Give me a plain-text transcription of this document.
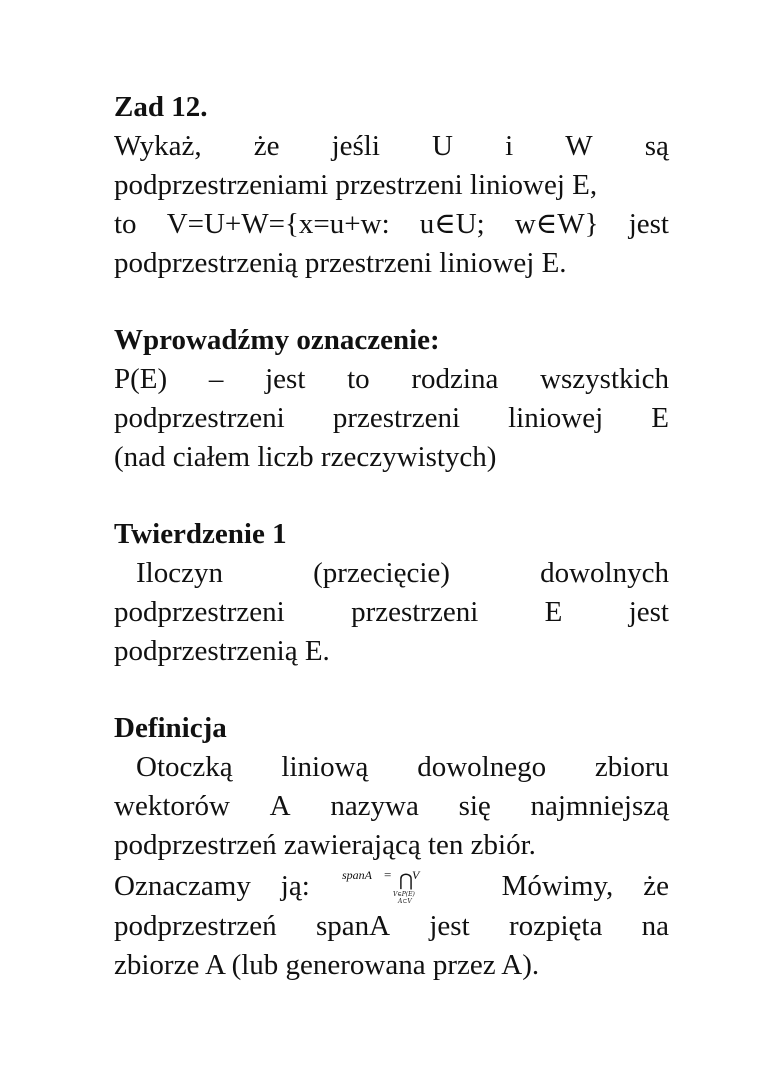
Zad 12.
Wykaż, że jeśli U i W są
podprzestrzeniami przestrzeni liniowej E,
to V=U+W={x=u+w: u∈U; w∈W} jest
podprzestrzenią przestrzeni liniowej E.
Wprowadźmy oznaczenie:
P(E) – jest to rodzina wszystkich
podprzestrzeni przestrzeni liniowej E
(nad ciałem liczb rzeczywistych)
Twierdzenie 1
Iloczyn	(przecięcie)	dowolnych
podprzestrzeni przestrzeni E jest
podprzestrzenią E.
Definicja
Otoczką liniową dowolnego zbioru
wektorów A nazywa się najmniejszą
podprzestrzeń zawierającą ten zbiór.
Oznaczamy ją:	spanA = ⋂ V
V∈P(E)
A⊂V	Mówimy, że
podprzestrzeń spanA jest rozpięta na
zbiorze A (lub generowana przez A).
